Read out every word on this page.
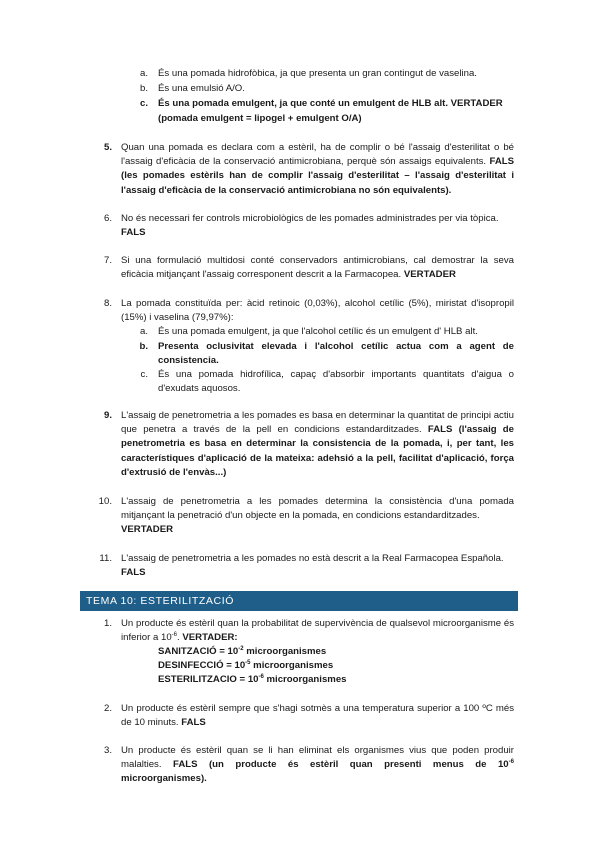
a. És una pomada hidrofòbica, ja que presenta un gran contingut de vaselina.
b. És una emulsió A/O.
c. És una pomada emulgent, ja que conté un emulgent de HLB alt. VERTADER
(pomada emulgent = lipogel + emulgent O/A)
5. Quan una pomada es declara com a estèril, ha de complir o bé l'assaig d'esterilitat o bé l'assaig d'eficàcia de la conservació antimicrobiana, perquè són assaigs equivalents. FALS (les pomades estèrils han de complir l'assaig d'esterilitat – l'assaig d'esterilitat i l'assaig d'eficàcia de la conservació antimicrobiana no són equivalents).
6. No és necessari fer controls microbiològics de les pomades administrades per via tòpica.
FALS
7. Si una formulació multidosi conté conservadors antimicrobians, cal demostrar la seva eficàcia mitjançant l'assaig corresponent descrit a la Farmacopea. VERTADER
8. La pomada constituïda per: àcid retinoic (0,03%), alcohol cetílic (5%), miristat d'isopropil (15%) i vaselina (79,97%):
a. És una pomada emulgent, ja que l'alcohol cetílic és un emulgent d' HLB alt.
b. Presenta oclusivitat elevada i l'alcohol cetílic actua com a agent de consistencia.
c. És una pomada hidrofílica, capaç d'absorbir importants quantitats d'aigua o d'exudats aquosos.
9. L'assaig de penetrometria a les pomades es basa en determinar la quantitat de principi actiu que penetra a través de la pell en condicions estandarditzades. FALS (l'assaig de penetrometria es basa en determinar la consistencia de la pomada, i, per tant, les característiques d'aplicació de la mateixa: adehsió a la pell, facilitat d'aplicació, força d'extrusió de l'envàs...)
10. L'assaig de penetrometria a les pomades determina la consistència d'una pomada mitjançant la penetració d'un objecte en la pomada, en condicions estandarditzades.
VERTADER
11. L'assaig de penetrometria a les pomades no està descrit a la Real Farmacopea Española.
FALS
TEMA 10: ESTERILITZACIÓ
1. Un producte és estèril quan la probabilitat de supervivència de qualsevol microorganisme és inferior a $10^{-6}$. VERTADER:
SANITZACIÓ = $10^{-2}$ microorganismes
DESINFECCIÓ = $10^{-5}$ microorganismes
ESTERILITZACIO = $10^{-6}$ microorganismes
2. Un producte és estèril sempre que s'hagi sotmès a una temperatura superior a 100 ºC més de 10 minuts. FALS
3. Un producte és estèril quan se li han eliminat els organismes vius que poden produir malalties. FALS (un producte és estèril quan presenti menus de $10^{-6}$ microorganismes).
